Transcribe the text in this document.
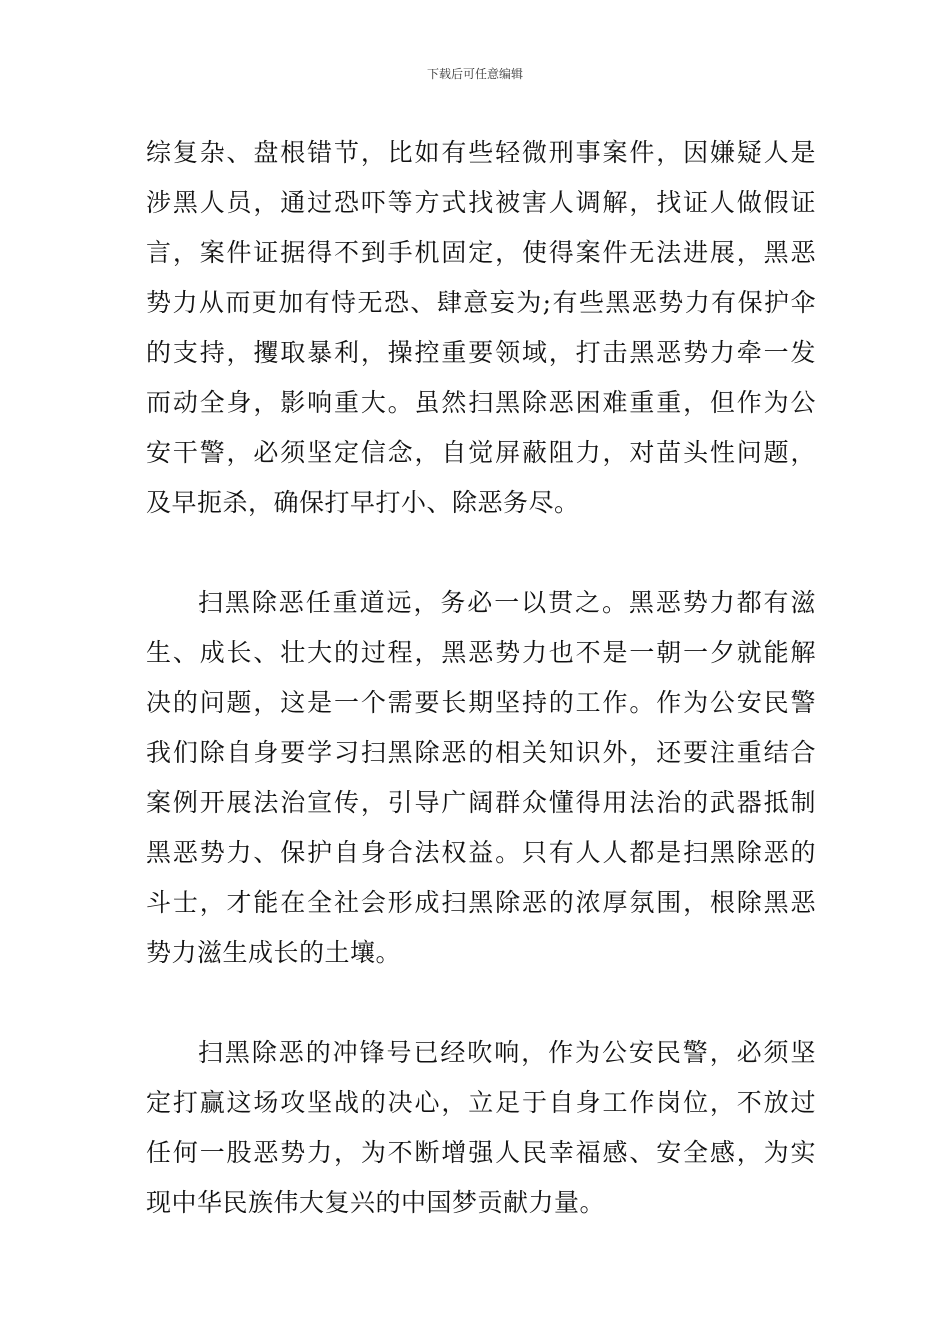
下载后可任意编辑
综复杂、盘根错节，比如有些轻微刑事案件，因嫌疑人是
涉黑人员，通过恐吓等方式找被害人调解，找证人做假证
言，案件证据得不到手机固定，使得案件无法进展，黑恶
势力从而更加有恃无恐、肆意妄为;有些黑恶势力有保护伞
的支持，攫取暴利，操控重要领域，打击黑恶势力牵一发
而动全身，影响重大。虽然扫黑除恶困难重重，但作为公
安干警，必须坚定信念，自觉屏蔽阻力，对苗头性问题，
及早扼杀，确保打早打小、除恶务尽。
扫黑除恶任重道远，务必一以贯之。黑恶势力都有滋
生、成长、壮大的过程，黑恶势力也不是一朝一夕就能解
决的问题，这是一个需要长期坚持的工作。作为公安民警
我们除自身要学习扫黑除恶的相关知识外，还要注重结合
案例开展法治宣传，引导广阔群众懂得用法治的武器抵制
黑恶势力、保护自身合法权益。只有人人都是扫黑除恶的
斗士，才能在全社会形成扫黑除恶的浓厚氛围，根除黑恶
势力滋生成长的土壤。
扫黑除恶的冲锋号已经吹响，作为公安民警，必须坚
定打赢这场攻坚战的决心，立足于自身工作岗位，不放过
任何一股恶势力，为不断增强人民幸福感、安全感，为实
现中华民族伟大复兴的中国梦贡献力量。
